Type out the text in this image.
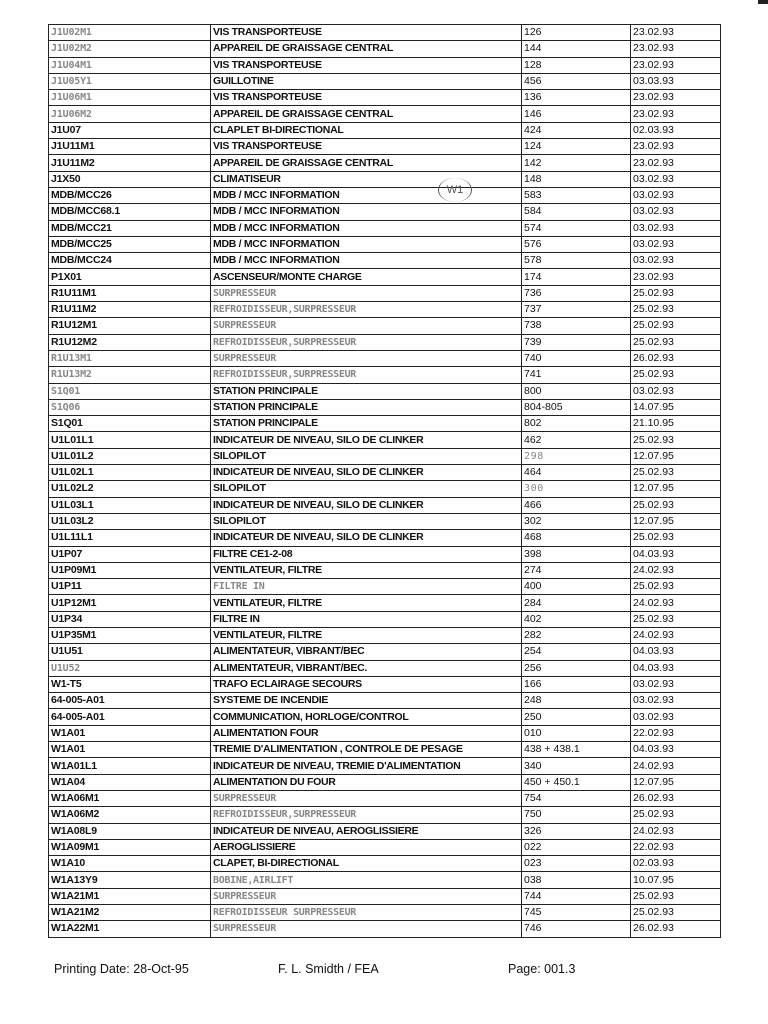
J1U02M1	VIS TRANSPORTEUSE	126	23.02.93
J1U02M2	APPAREIL DE GRAISSAGE CENTRAL	144	23.02.93
J1U04M1	VIS TRANSPORTEUSE	128	23.02.93
J1U05Y1	GUILLOTINE	456	03.03.93
J1U06M1	VIS TRANSPORTEUSE	136	23.02.93
J1U06M2	APPAREIL DE GRAISSAGE CENTRAL	146	23.02.93
J1U07	CLAPLET BI-DIRECTIONAL	424	02.03.93
J1U11M1	VIS TRANSPORTEUSE	124	23.02.93
J1U11M2	APPAREIL DE GRAISSAGE CENTRAL	142	23.02.93
J1X50	CLIMATISEUR	148	03.02.93
MDB/MCC26	MDB / MCC INFORMATION	583	03.02.93
MDB/MCC68.1	MDB / MCC INFORMATION	584	03.02.93
MDB/MCC21	MDB / MCC INFORMATION	574	03.02.93
MDB/MCC25	MDB / MCC INFORMATION	576	03.02.93
MDB/MCC24	MDB / MCC INFORMATION	578	03.02.93
P1X01	ASCENSEUR/MONTE CHARGE	174	23.02.93
R1U11M1	SURPRESSEUR	736	25.02.93
R1U11M2	REFROIDISSEUR,SURPRESSEUR	737	25.02.93
R1U12M1	SURPRESSEUR	738	25.02.93
R1U12M2	REFROIDISSEUR,SURPRESSEUR	739	25.02.93
R1U13M1	SURPRESSEUR	740	26.02.93
R1U13M2	REFROIDISSEUR,SURPRESSEUR	741	25.02.93
S1Q01	STATION PRINCIPALE	800	03.02.93
S1Q06	STATION PRINCIPALE	804-805	14.07.95
S1Q01	STATION PRINCIPALE	802	21.10.95
U1L01L1	INDICATEUR DE NIVEAU, SILO DE CLINKER	462	25.02.93
U1L01L2	SILOPILOT	298	12.07.95
U1L02L1	INDICATEUR DE NIVEAU, SILO DE CLINKER	464	25.02.93
U1L02L2	SILOPILOT	300	12.07.95
U1L03L1	INDICATEUR DE NIVEAU, SILO DE CLINKER	466	25.02.93
U1L03L2	SILOPILOT	302	12.07.95
U1L11L1	INDICATEUR DE NIVEAU, SILO DE CLINKER	468	25.02.93
U1P07	FILTRE CE1-2-08	398	04.03.93
U1P09M1	VENTILATEUR, FILTRE	274	24.02.93
U1P11	FILTRE IN	400	25.02.93
U1P12M1	VENTILATEUR, FILTRE	284	24.02.93
U1P34	FILTRE IN	402	25.02.93
U1P35M1	VENTILATEUR, FILTRE	282	24.02.93
U1U51	ALIMENTATEUR, VIBRANT/BEC	254	04.03.93
U1U52	ALIMENTATEUR, VIBRANT/BEC.	256	04.03.93
W1-T5	TRAFO ECLAIRAGE SECOURS	166	03.02.93
64-005-A01	SYSTEME DE INCENDIE	248	03.02.93
64-005-A01	COMMUNICATION, HORLOGE/CONTROL	250	03.02.93
W1A01	ALIMENTATION FOUR	010	22.02.93
W1A01	TREMIE D'ALIMENTATION , CONTROLE DE PESAGE	438 + 438.1	04.03.93
W1A01L1	INDICATEUR DE NIVEAU, TREMIE D'ALIMENTATION	340	24.02.93
W1A04	ALIMENTATION DU FOUR	450 + 450.1	12.07.95
W1A06M1	SURPRESSEUR	754	26.02.93
W1A06M2	REFROIDISSEUR,SURPRESSEUR	750	25.02.93
W1A08L9	INDICATEUR DE NIVEAU, AEROGLISSIERE	326	24.02.93
W1A09M1	AEROGLISSIERE	022	22.02.93
W1A10	CLAPET, BI-DIRECTIONAL	023	02.03.93
W1A13Y9	BOBINE,AIRLIFT	038	10.07.95
W1A21M1	SURPRESSEUR	744	25.02.93
W1A21M2	REFROIDISSEUR SURPRESSEUR	745	25.02.93
W1A22M1	SURPRESSEUR	746	26.02.93
W1
Printing Date: 28-Oct-95	F. L. Smidth / FEA	Page: 001.3
